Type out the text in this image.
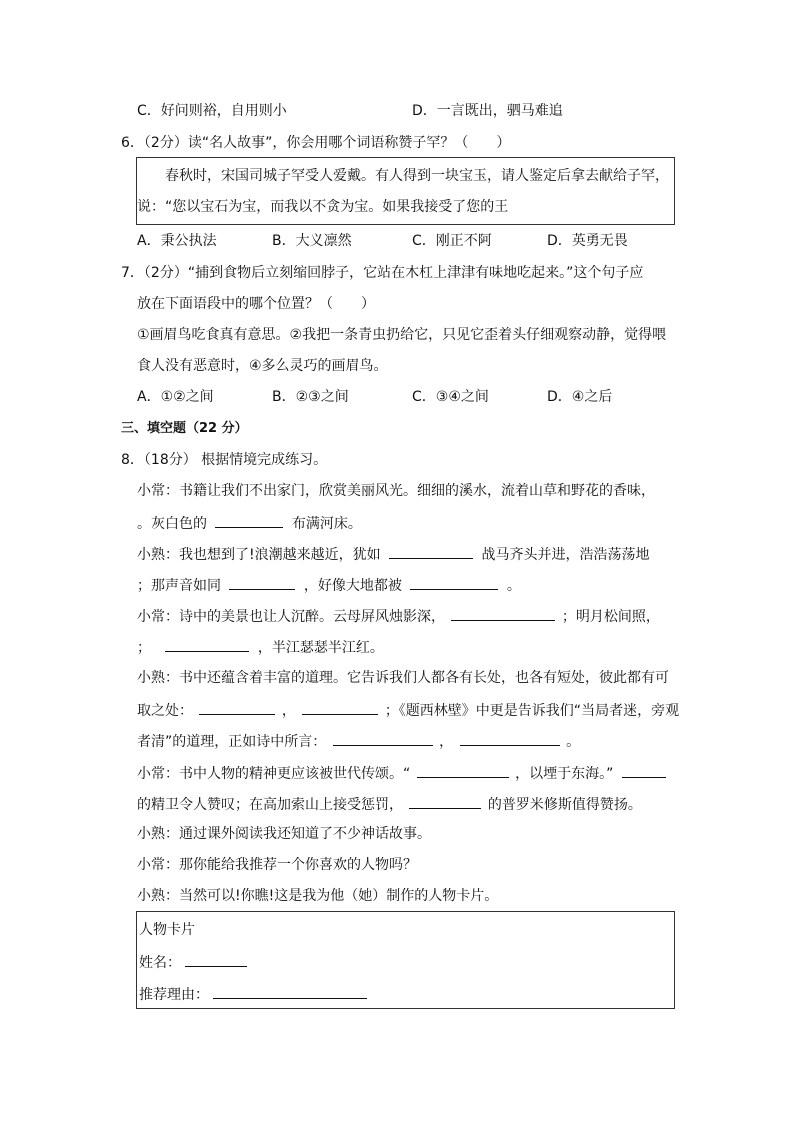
C．好问则裕，自用则小	D．一言既出，驷马难追
6．（2分）读“名人故事”，你会用哪个词语称赞子罕？（　　）
春秋时，宋国司城子罕受人爱戴。有人得到一块宝玉，请人鉴定后拿去献给子罕，
说：“您以宝石为宝，而我以不贪为宝。如果我接受了您的王
A．秉公执法	B．大义凛然	C．刚正不阿	D．英勇无畏
7．（2分）“捕到食物后立刻缩回脖子，它站在木杠上津津有味地吃起来。”这个句子应
放在下面语段中的哪个位置？（　　）
①画眉鸟吃食真有意思。②我把一条青虫扔给它，只见它歪着头仔细观察动静，觉得喂
食人没有恶意时，④多么灵巧的画眉鸟。
A．①②之间	B．②③之间	C．③④之间	D．④之后
三、填空题（22 分）
8．（18分） 根据情境完成练习。
小常：书籍让我们不出家门，欣赏美丽风光。细细的溪水，流着山草和野花的香味，
。灰白色的	布满河床。
小熟：我也想到了!浪潮越来越近，犹如	战马齐头并进，浩浩荡荡地
；那声音如同	，好像大地都被	。
小常：诗中的美景也让人沉醉。云母屏风烛影深，	；明月松间照，
；	，半江瑟瑟半江红。
小熟：书中还蕴含着丰富的道理。它告诉我们人都各有长处，也各有短处，彼此都有可
取之处：	，	；《题西林壁》中更是告诉我们“当局者迷，旁观
者清”的道理，正如诗中所言：	，	。
小常：书中人物的精神更应该被世代传颂。“	，以堙于东海。”
的精卫令人赞叹；在高加索山上接受惩罚，	的普罗米修斯值得赞扬。
小熟：通过课外阅读我还知道了不少神话故事。
小常：那你能给我推荐一个你喜欢的人物吗？
小熟：当然可以!你瞧!这是我为他（她）制作的人物卡片。
人物卡片
姓名：
推荐理由：
